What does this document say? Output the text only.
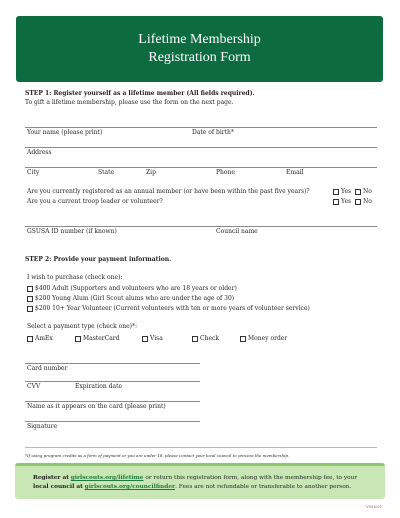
Lifetime Membership
Registration Form
STEP 1: Register yourself as a lifetime member (All fields required).
To gift a lifetime membership, please use the form on the next page.
Your name (please print)	Date of birth*
Address
City	State	Zip	Phone	Email
Are you currently registered as an annual member (or have been within the past five years)?	Yes	No
Are you a current troop leader or volunteer?	Yes	No
GSUSA ID number (if known)	Council name
STEP 2: Provide your payment information.
I wish to purchase (check one):
$400 Adult (Supporters and volunteers who are 18 years or older)
$200 Young Alum (Girl Scout alums who are under the age of 30)
$200 10+ Year Volunteer (Current volunteers with ten or more years of volunteer service)
Select a payment type (check one)*:
AmEx	MasterCard	Visa	Check	Money order
Card number
CVV	Expiration date
Name as it appears on the card (please print)
Signature
*If using program credits as a form of payment or you are under 18, please contact your local council to process the membership.
Register at girlscouts.org/lifetime or return this registration form, along with the membership fee, to your
local council at girlscouts.org/councilfinder. Fees are not refundable or transferable to another person.
V051021
